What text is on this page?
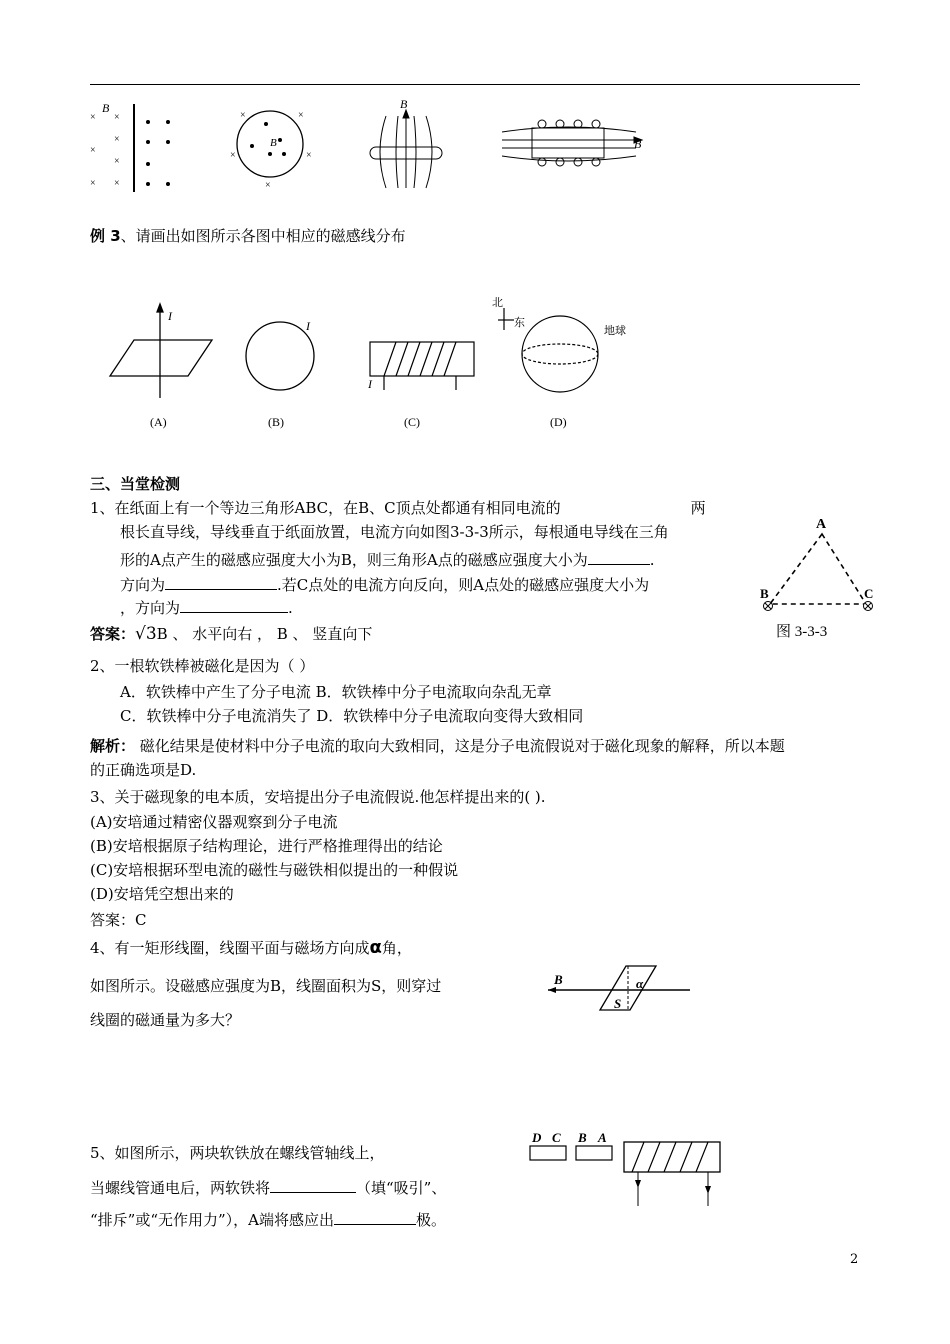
×
×
×
×
×
×
×
B
B
×	×
×	×
×
B
B
例 3、请画出如图所示各图中相应的磁感线分布
I
(A)
I
(B)
I
(C)
北
东
地球
(D)
三、当堂检测
1、在纸面上有一个等边三角形ABC，在B、C顶点处都通有相同电流的	两
根长直导线，导线垂直于纸面放置，电流方向如图3-3-3所示，每根通电导线在三角
形的A点产生的磁感应强度大小为B，则三角形A点的磁感应强度大小为	.
方向为	.若C点处的电流方向反向，则A点处的磁感应强度大小为
，方向为	.
答案：√3B 、 水平向右 ， B 、 竖直向下
A
B	C
图 3-3-3
2、一根软铁棒被磁化是因为（ ）
A．软铁棒中产生了分子电流 B．软铁棒中分子电流取向杂乱无章
C．软铁棒中分子电流消失了 D．软铁棒中分子电流取向变得大致相同
解析： 磁化结果是使材料中分子电流的取向大致相同，这是分子电流假说对于磁化现象的解释，所以本题
的正确选项是D.
3、关于磁现象的电本质，安培提出分子电流假说.他怎样提出来的( ).
(A)安培通过精密仪器观察到分子电流
(B)安培根据原子结构理论，进行严格推理得出的结论
(C)安培根据环型电流的磁性与磁铁相似提出的一种假说
(D)安培凭空想出来的
答案：C
4、有一矩形线圈，线圈平面与磁场方向成α角，
如图所示。设磁感应强度为B，线圈面积为S，则穿过
线圈的磁通量为多大？
B	α
S
5、如图所示，两块软铁放在螺线管轴线上，
当螺线管通电后，两软铁将	（填“吸引”、
“排斥”或“无作用力”），A端将感应出	极。
D C B A
2
